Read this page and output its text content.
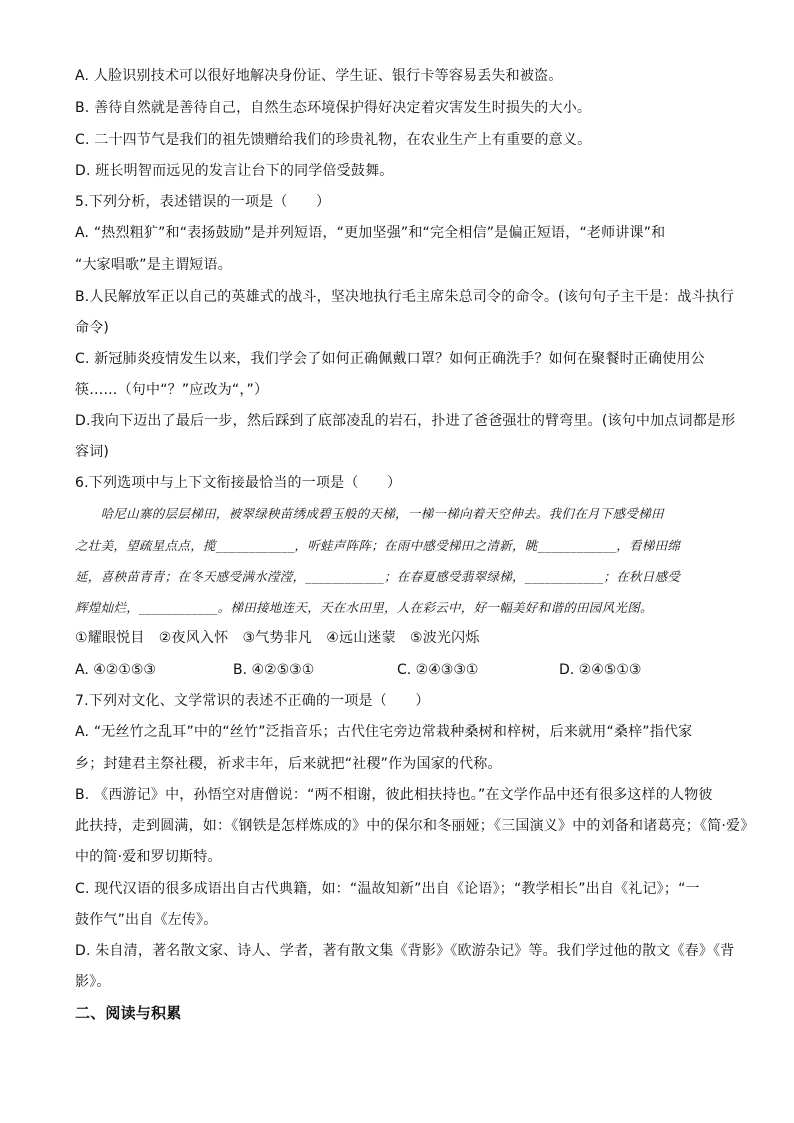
A. 人脸识别技术可以很好地解决身份证、学生证、银行卡等容易丢失和被盗。
B. 善待自然就是善待自己，自然生态环境保护得好决定着灾害发生时损失的大小。
C. 二十四节气是我们的祖先馈赠给我们的珍贵礼物，在农业生产上有重要的意义。
D. 班长明智而远见的发言让台下的同学倍受鼓舞。
5.下列分析，表述错误的一项是（　　）
A. “热烈粗犷”和“表扬鼓励”是并列短语，“更加坚强”和“完全相信”是偏正短语，“老师讲课”和
“大家唱歌”是主谓短语。
B.人民解放军正以自己的英雄式的战斗，坚决地执行毛主席朱总司令的命令。(该句句子主干是：战斗执行
命令)
C. 新冠肺炎疫情发生以来，我们学会了如何正确佩戴口罩？如何正确洗手？如何在聚餐时正确使用公
筷……（句中“？”应改为“，”）
D.我向下迈出了最后一步，然后踩到了底部凌乱的岩石，扑进了爸爸强壮的臂弯里。(该句中加点词都是形
容词)
6.下列选项中与上下文衔接最恰当的一项是（　　）
　　哈尼山寨的层层梯田，被翠绿秧苗绣成碧玉般的天梯，一梯一梯向着天空伸去。我们在月下感受梯田
之壮美，望疏星点点，揽____________，听蛙声阵阵；在雨中感受梯田之清新，眺____________，看梯田绵
延，喜秧苗青青；在冬天感受满水滢滢，____________；在春夏感受翡翠绿梯，____________；在秋日感受
辉煌灿烂，____________。梯田接地连天，天在水田里，人在彩云中，好一幅美好和谐的田园风光图。
①耀眼悦目　②夜风入怀　③气势非凡　④远山迷蒙　⑤波光闪烁
A. ④②①⑤③	B. ④②⑤③①	C. ②④③③①	D. ②④⑤①③
7.下列对文化、文学常识的表述不正确的一项是（　　）
A. “无丝竹之乱耳”中的“丝竹”泛指音乐；古代住宅旁边常栽种桑树和梓树，后来就用“桑梓”指代家
乡；封建君主祭社稷，祈求丰年，后来就把“社稷”作为国家的代称。
B. 《西游记》中，孙悟空对唐僧说：“两不相谢，彼此相扶持也。”在文学作品中还有很多这样的人物彼
此扶持，走到圆满，如：《钢铁是怎样炼成的》中的保尔和冬丽娅；《三国演义》中的刘备和诸葛亮；《简·爱》
中的简·爱和罗切斯特。
C. 现代汉语的很多成语出自古代典籍，如：“温故知新”出自《论语》；“教学相长”出自《礼记》；“一
鼓作气”出自《左传》。
D. 朱自清，著名散文家、诗人、学者，著有散文集《背影》《欧游杂记》等。我们学过他的散文《春》《背
影》。
二、阅读与积累
